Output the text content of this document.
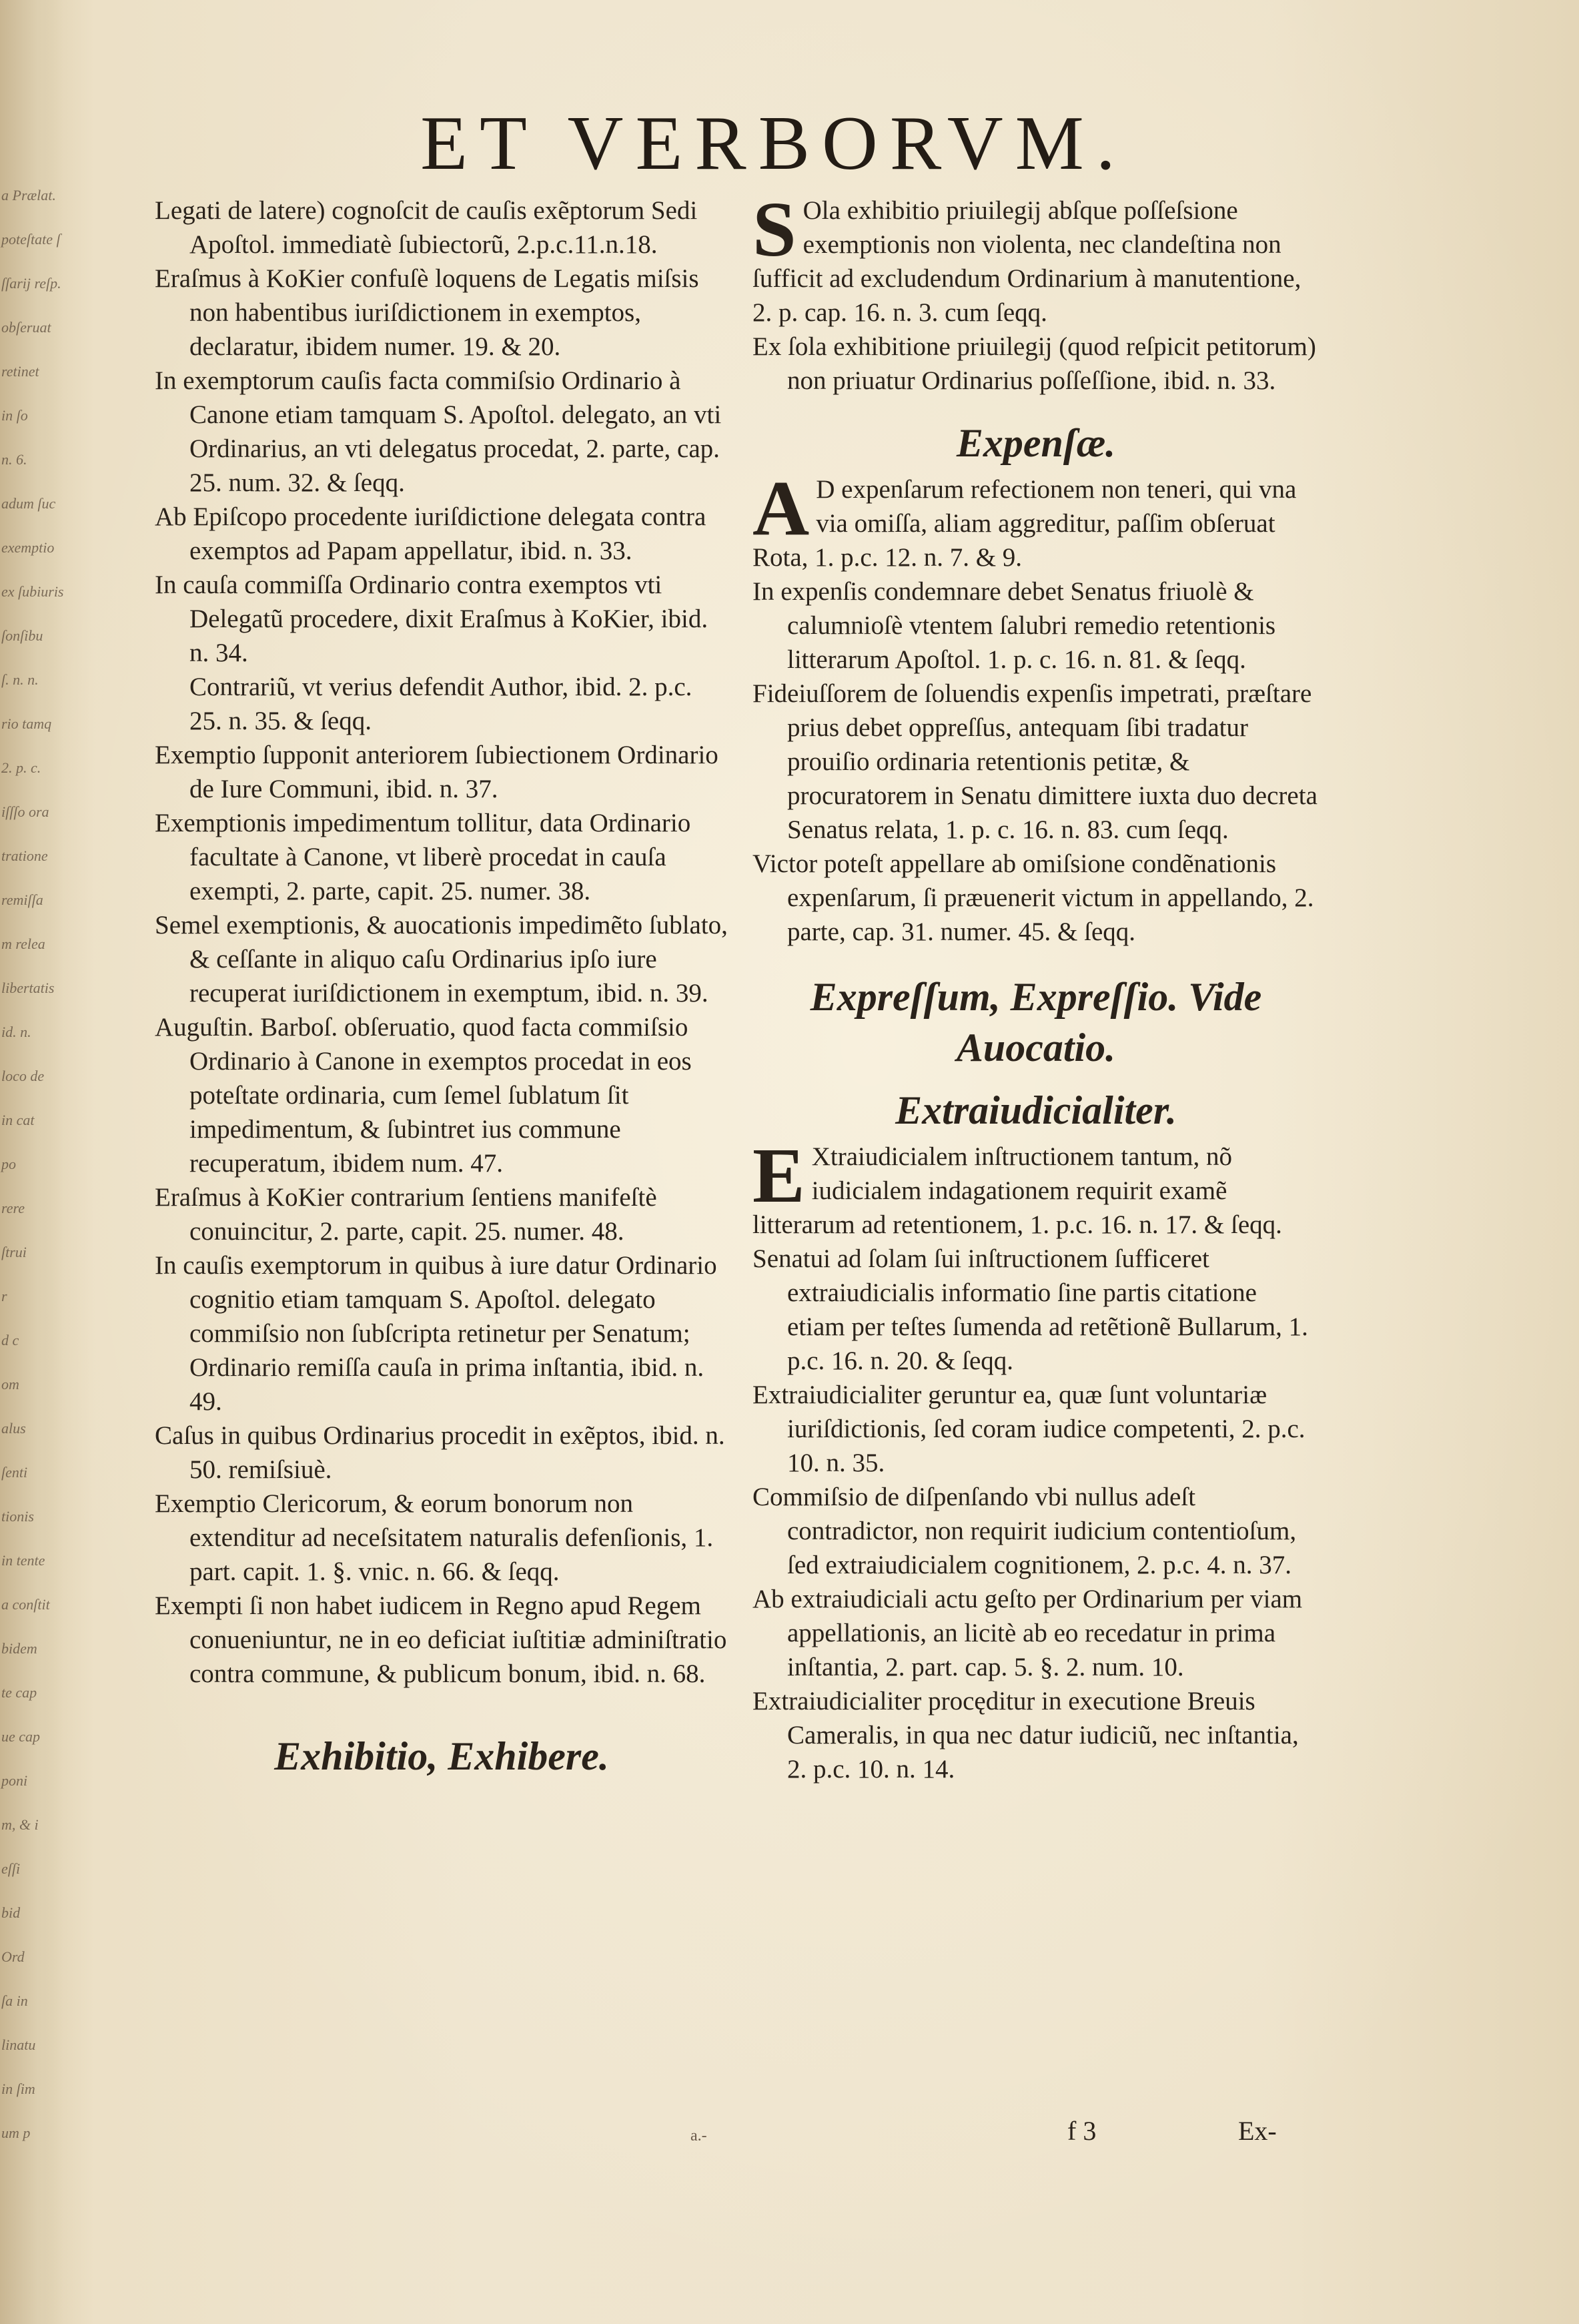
a Prælat.
poteſtate ſ
ſſarij reſp.
obſeruat
retinet
in ſo
n. 6.
adum ſuc
exemptio
ex ſubiuris
ſonſibu
ſ. n. n.
rio tamq
2. p. c.
iſſſo ora
tratione
remiſſa
m relea
libertatis
id. n.
loco de
in cat
po
rere
ſtrui
r
d c
om
alus
ſenti
tionis
in tente
a conſtit
bidem
te cap
ue cap
poni
m, & i
eſſi
bid
Ord
ſa in
linatu
in ſim
um p
ET VERBORVM.

Legati de latere) cognoſcit de cauſis exẽptorum Sedi Apoſtol. immediatè ſubiectorũ, 2.p.c.11.n.18.

Eraſmus à KoKier confuſè loquens de Legatis miſsis non habentibus iuriſdictionem in exemptos, declaratur, ibidem numer. 19. & 20.

In exemptorum cauſis facta commiſsio Ordinario à Canone etiam tamquam S. Apoſtol. delegato, an vti Ordinarius, an vti delegatus procedat, 2. parte, cap. 25. num. 32. & ſeqq.

Ab Epiſcopo procedente iuriſdictione delegata contra exemptos ad Papam appellatur, ibid. n. 33.

In cauſa commiſſa Ordinario contra exemptos vti Delegatũ procedere, dixit Eraſmus à KoKier, ibid. n. 34.

Contrariũ, vt verius defendit Author, ibid. 2. p.c. 25. n. 35. & ſeqq.

Exemptio ſupponit anteriorem ſubiectionem Ordinario de Iure Communi, ibid. n. 37.

Exemptionis impedimentum tollitur, data Ordinario facultate à Canone, vt liberè procedat in cauſa exempti, 2. parte, capit. 25. numer. 38.

Semel exemptionis, & auocationis impedimẽto ſublato, & ceſſante in aliquo caſu Ordinarius ipſo iure recuperat iuriſdictionem in exemptum, ibid. n. 39.

Auguſtin. Barboſ. obſeruatio, quod facta commiſsio Ordinario à Canone in exemptos procedat in eos poteſtate ordinaria, cum ſemel ſublatum ſit impedimentum, & ſubintret ius commune recuperatum, ibidem num. 47.

Eraſmus à KoKier contrarium ſentiens manifeſtè conuincitur, 2. parte, capit. 25. numer. 48.

In cauſis exemptorum in quibus à iure datur Ordinario cognitio etiam tamquam S. Apoſtol. delegato commiſsio non ſubſcripta retinetur per Senatum; Ordinario remiſſa cauſa in prima inſtantia, ibid. n. 49.

Caſus in quibus Ordinarius procedit in exẽptos, ibid. n. 50. remiſsiuè.

Exemptio Clericorum, & eorum bonorum non extenditur ad neceſsitatem naturalis defenſionis, 1. part. capit. 1. §. vnic. n. 66. & ſeqq.

Exempti ſi non habet iudicem in Regno apud Regem conueniuntur, ne in eo deficiat iuſtitiæ adminiſtratio contra commune, & publicum bonum, ibid. n. 68.

Exhibitio, Exhibere.

S Ola exhibitio priuilegij abſque poſſeſsione exemptionis non violenta, nec clandeſtina non ſufficit ad excludendum Ordinarium à manutentione, 2. p. cap. 16. n. 3. cum ſeqq.

Ex ſola exhibitione priuilegij (quod reſpicit petitorum) non priuatur Ordinarius poſſeſſione, ibid. n. 33.

Expenſæ.

A D expenſarum refectionem non teneri, qui vna via omiſſa, aliam aggreditur, paſſim obſeruat Rota, 1. p.c. 12. n. 7. & 9.

In expenſis condemnare debet Senatus friuolè & calumnioſè vtentem ſalubri remedio retentionis litterarum Apoſtol. 1. p. c. 16. n. 81. & ſeqq.

Fideiuſſorem de ſoluendis expenſis impetrati, præſtare prius debet oppreſſus, antequam ſibi tradatur prouiſio ordinaria retentionis petitæ, & procuratorem in Senatu dimittere iuxta duo decreta Senatus relata, 1. p. c. 16. n. 83. cum ſeqq.

Victor poteſt appellare ab omiſsione condẽnationis expenſarum, ſi præuenerit victum in appellando, 2. parte, cap. 31. numer. 45. & ſeqq.

Expreſſum, Expreſſio. Vide
Auocatio.
Extraiudicialiter.

E Xtraiudicialem inſtructionem tantum, nõ iudicialem indagationem requirit examẽ litterarum ad retentionem, 1. p.c. 16. n. 17. & ſeqq.

Senatui ad ſolam ſui inſtructionem ſufficeret extraiudicialis informatio ſine partis citatione etiam per teſtes ſumenda ad retẽtionẽ Bullarum, 1. p.c. 16. n. 20. & ſeqq.

Extraiudicialiter geruntur ea, quæ ſunt voluntariæ iuriſdictionis, ſed coram iudice competenti, 2. p.c. 10. n. 35.

Commiſsio de diſpenſando vbi nullus adeſt contradictor, non requirit iudicium contentioſum, ſed extraiudicialem cognitionem, 2. p.c. 4. n. 37.

Ab extraiudiciali actu geſto per Ordinarium per viam appellationis, an licitè ab eo recedatur in prima inſtantia, 2. part. cap. 5. §. 2. num. 10.

Extraiudicialiter procęditur in executione Breuis Cameralis, in qua nec datur iudiciũ, nec inſtantia, 2. p.c. 10. n. 14.

a.-	f 3	Ex-
